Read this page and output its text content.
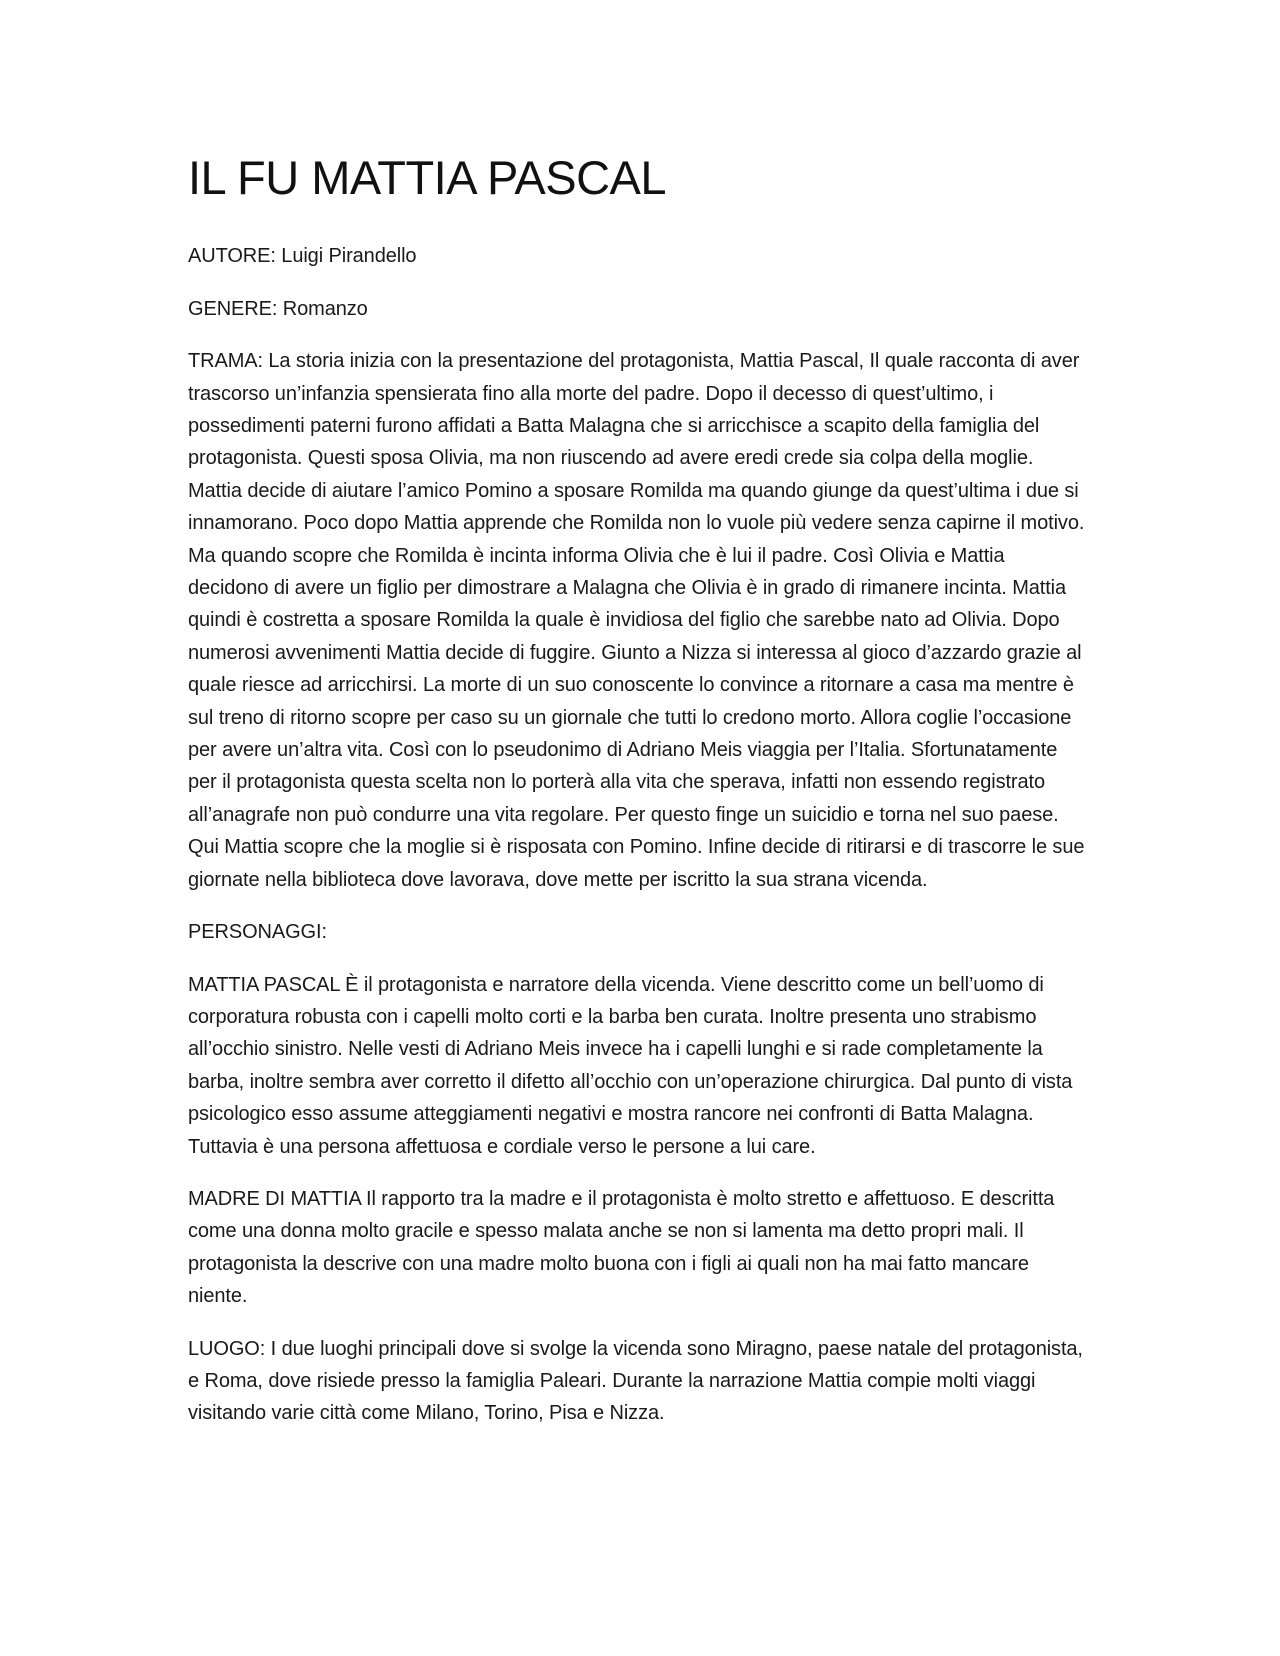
IL FU MATTIA PASCAL

AUTORE: Luigi Pirandello

GENERE: Romanzo

TRAMA: La storia inizia con la presentazione del protagonista, Mattia Pascal, Il quale racconta di aver trascorso un’infanzia spensierata fino alla morte del padre. Dopo il decesso di quest’ultimo, i possedimenti paterni furono affidati a Batta Malagna che si arricchisce a scapito della famiglia del protagonista. Questi sposa Olivia, ma non riuscendo ad avere eredi crede sia colpa della moglie. Mattia decide di aiutare l’amico Pomino a sposare Romilda ma quando giunge da quest’ultima i due si innamorano. Poco dopo Mattia apprende che Romilda non lo vuole più vedere senza capirne il motivo. Ma quando scopre che Romilda è incinta informa Olivia che è lui il padre. Così Olivia e Mattia decidono di avere un figlio per dimostrare a Malagna che Olivia è in grado di rimanere incinta. Mattia quindi è costretta a sposare Romilda la quale è invidiosa del figlio che sarebbe nato ad Olivia. Dopo numerosi avvenimenti Mattia decide di fuggire. Giunto a Nizza si interessa al gioco d’azzardo grazie al quale riesce ad arricchirsi. La morte di un suo conoscente lo convince a ritornare a casa ma mentre è sul treno di ritorno scopre per caso su un giornale che tutti lo credono morto. Allora coglie l’occasione per avere un’altra vita. Così con lo pseudonimo di Adriano Meis viaggia per l’Italia. Sfortunatamente per il protagonista questa scelta non lo porterà alla vita che sperava, infatti non essendo registrato all’anagrafe non può condurre una vita regolare. Per questo finge un suicidio e torna nel suo paese. Qui Mattia scopre che la moglie si è risposata con Pomino. Infine decide di ritirarsi e di trascorre le sue giornate nella biblioteca dove lavorava, dove mette per iscritto la sua strana vicenda.

PERSONAGGI:

MATTIA PASCAL È il protagonista e narratore della vicenda. Viene descritto come un bell’uomo di corporatura robusta con i capelli molto corti e la barba ben curata. Inoltre presenta uno strabismo all’occhio sinistro. Nelle vesti di Adriano Meis invece ha i capelli lunghi e si rade completamente la barba, inoltre sembra aver corretto il difetto all’occhio con un’operazione chirurgica. Dal punto di vista psicologico esso assume atteggiamenti negativi e mostra rancore nei confronti di Batta Malagna. Tuttavia è una persona affettuosa e cordiale verso le persone a lui care.

MADRE DI MATTIA Il rapporto tra la madre e il protagonista è molto stretto e affettuoso. E descritta come una donna molto gracile e spesso malata anche se non si lamenta ma detto propri mali. Il protagonista la descrive con una madre molto buona con i figli ai quali non ha mai fatto mancare niente.

LUOGO: I due luoghi principali dove si svolge la vicenda sono Miragno, paese natale del protagonista, e Roma, dove risiede presso la famiglia Paleari. Durante la narrazione Mattia compie molti viaggi visitando varie città come Milano, Torino, Pisa e Nizza.
